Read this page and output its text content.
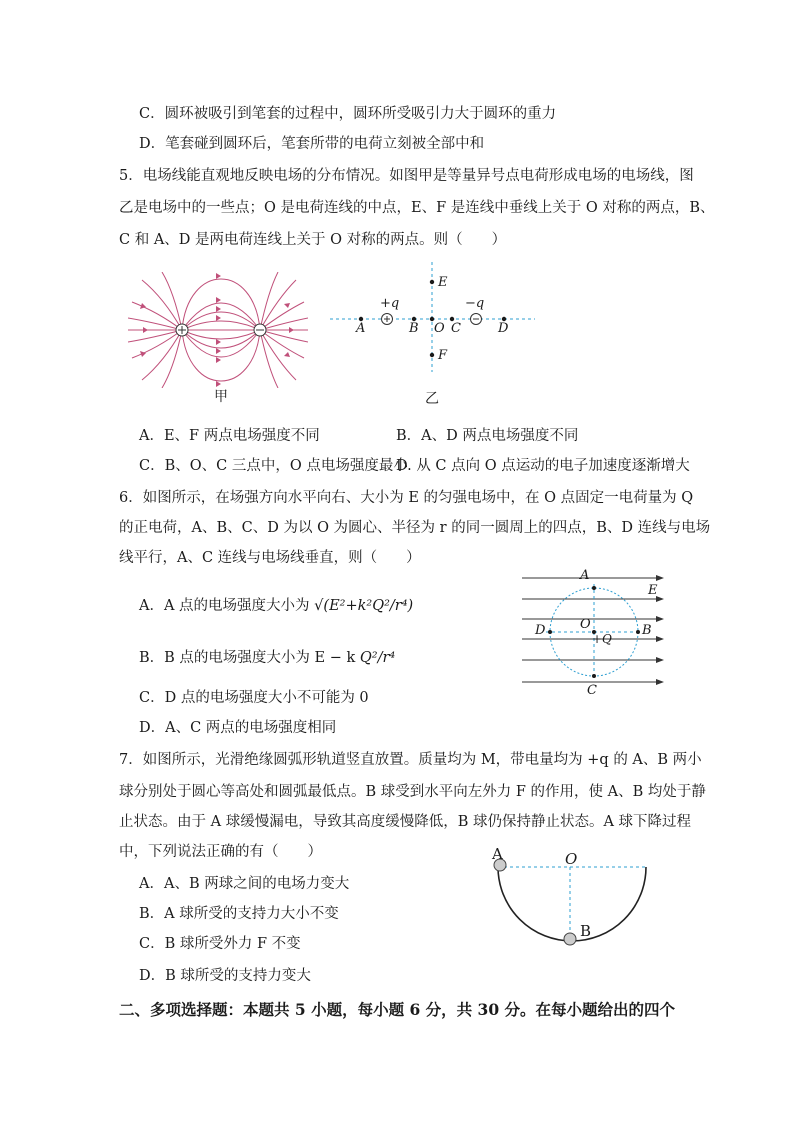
C．圆环被吸引到笔套的过程中，圆环所受吸引力大于圆环的重力
D．笔套碰到圆环后，笔套所带的电荷立刻被全部中和
5．电场线能直观地反映电场的分布情况。如图甲是等量异号点电荷形成电场的电场线，图
乙是电场中的一些点；O 是电荷连线的中点，E、F 是连线中垂线上关于 O 对称的两点，B、
C 和 A、D 是两电荷连线上关于 O 对称的两点。则（　　）
甲
+q	−q
A	B O C	D
E
F
乙
A．E、F 两点电场强度不同	B．A、D 两点电场强度不同
C．B、O、C 三点中，O 点电场强度最小
D. 从 C 点向 O 点运动的电子加速度逐渐增大
6．如图所示，在场强方向水平向右、大小为 E 的匀强电场中，在 O 点固定一电荷量为 Q
的正电荷，A、B、C、D 为以 O 为圆心、半径为 r 的同一圆周上的四点，B、D 连线与电场
线平行，A、C 连线与电场线垂直，则（　　）
A．A 点的电场强度大小为 √(E²+k²Q²/r⁴)
B．B 点的电场强度大小为 E − k Q²/r⁴
C．D 点的电场强度大小不可能为 0
D．A、C 两点的电场强度相同
A
E
D	O	B
+Q
C
7．如图所示，光滑绝缘圆弧形轨道竖直放置。质量均为 M，带电量均为 +q 的 A、B 两小
球分别处于圆心等高处和圆弧最低点。B 球受到水平向左外力 F 的作用，使 A、B 均处于静
止状态。由于 A 球缓慢漏电，导致其高度缓慢降低，B 球仍保持静止状态。A 球下降过程
中，下列说法正确的有（　　）
A．A、B 两球之间的电场力变大
B．A 球所受的支持力大小不变
C．B 球所受外力 F 不变
D．B 球所受的支持力变大
A	O
B
二、多项选择题：本题共 5 小题，每小题 6 分，共 30 分。在每小题给出的四个
